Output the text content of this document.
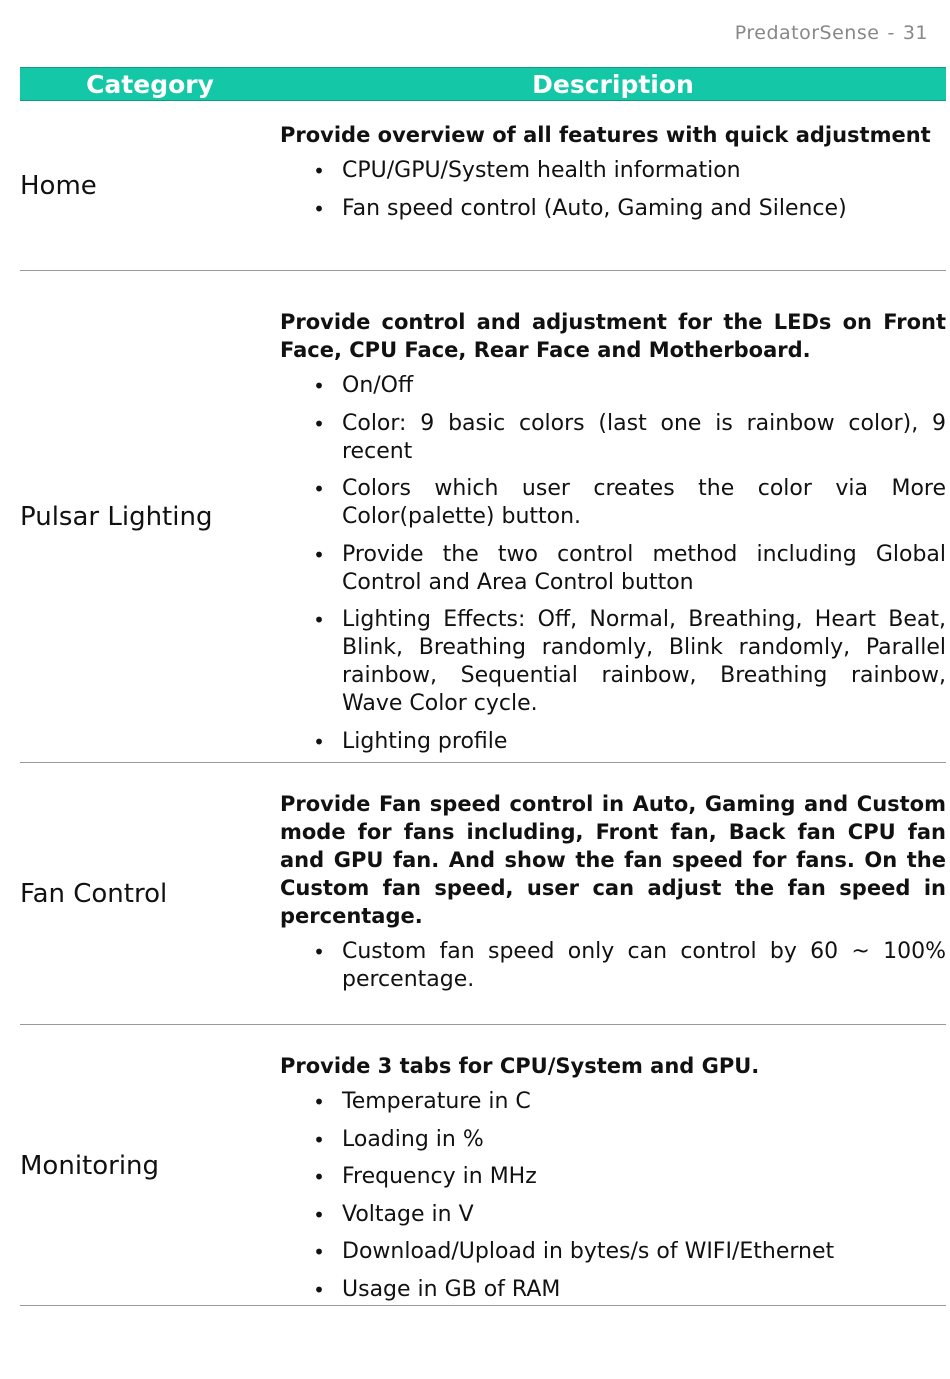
PredatorSense - 31
Category	Description
Home
Provide overview of all features with quick adjustment
• CPU/GPU/System health information
• Fan speed control (Auto, Gaming and Silence)
Pulsar Lighting
Provide control and adjustment for the LEDs on Front Face, CPU Face, Rear Face and Motherboard.
• On/Off
• Color: 9 basic colors (last one is rainbow color), 9 recent
• Colors which user creates the color via More Color(palette) button.
• Provide the two control method including Global Control and Area Control button
• Lighting Effects: Off, Normal, Breathing, Heart Beat, Blink, Breathing randomly, Blink randomly, Parallel rainbow, Sequential rainbow, Breathing rainbow, Wave Color cycle.
• Lighting profile
Fan Control
Provide Fan speed control in Auto, Gaming and Custom mode for fans including, Front fan, Back fan CPU fan and GPU fan. And show the fan speed for fans. On the Custom fan speed, user can adjust the fan speed in percentage.
• Custom fan speed only can control by 60 ~ 100% percentage.
Monitoring
Provide 3 tabs for CPU/System and GPU.
• Temperature in C
• Loading in %
• Frequency in MHz
• Voltage in V
• Download/Upload in bytes/s of WIFI/Ethernet
• Usage in GB of RAM
